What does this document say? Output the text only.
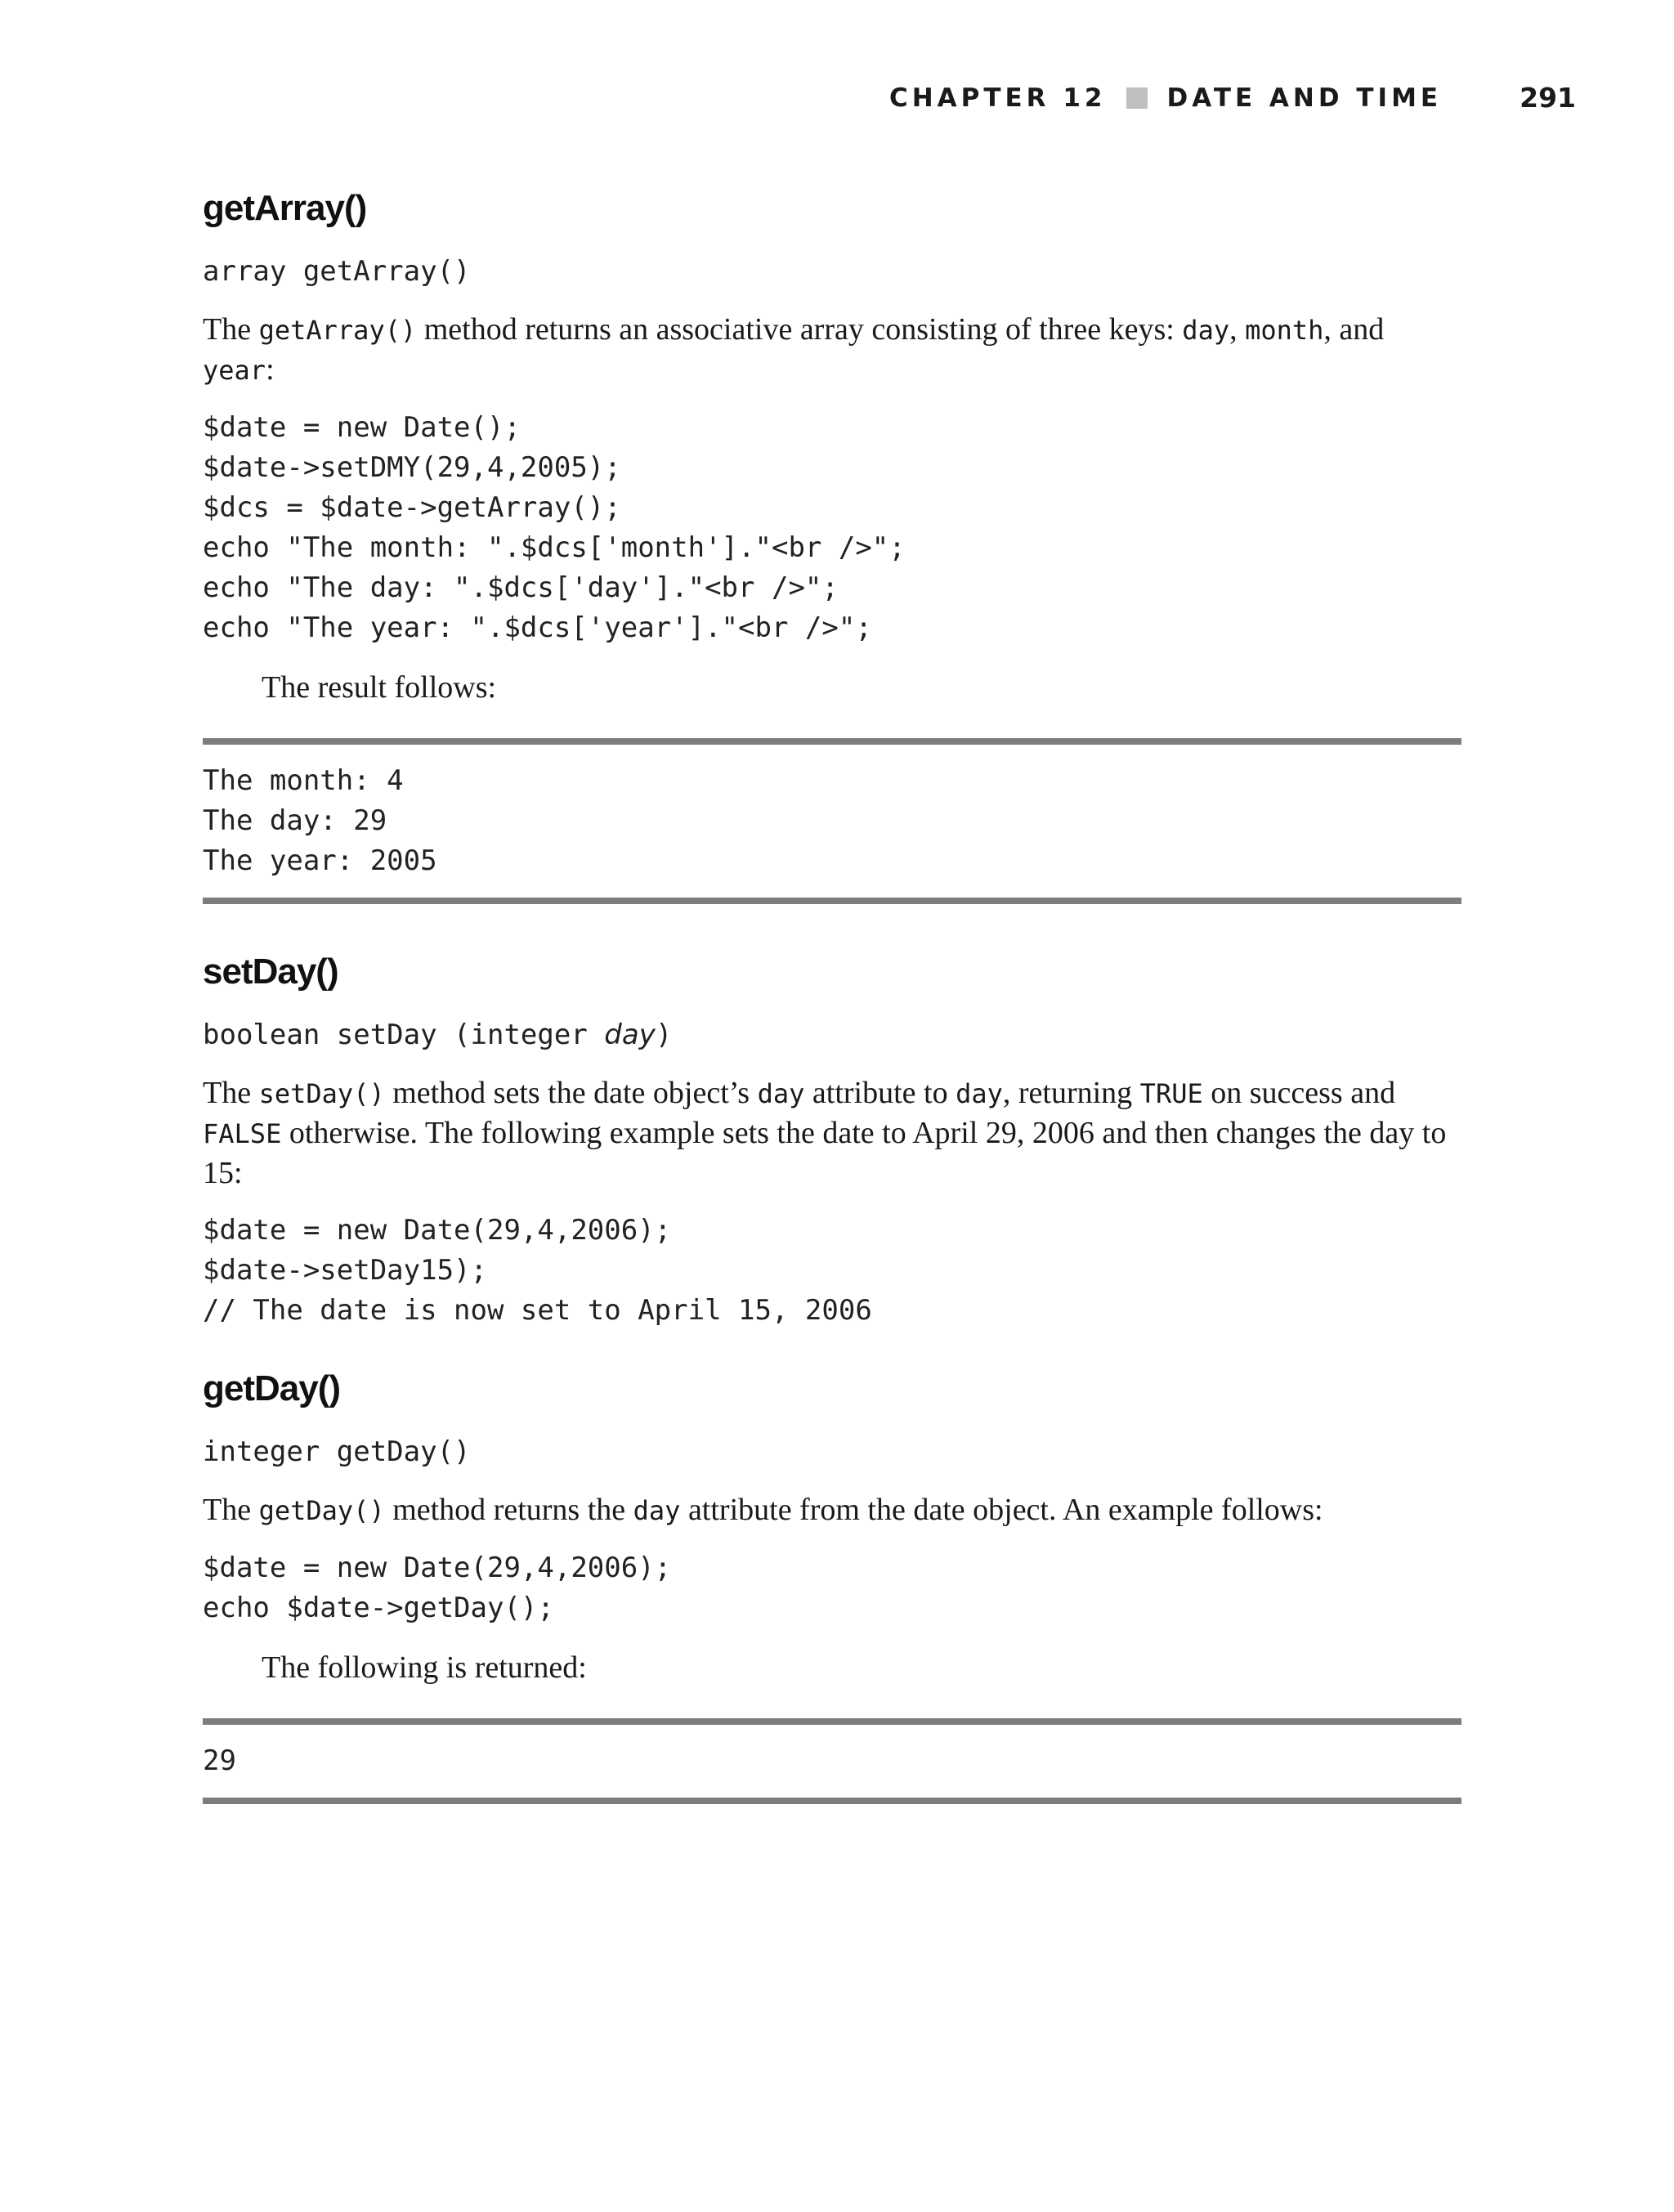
CHAPTER 12 DATE AND TIME	291
getArray()
array getArray()

The getArray() method returns an associative array consisting of three keys: day, month, and year:

$date = new Date();
$date->setDMY(29,4,2005);
$dcs = $date->getArray();
echo "The month: ".$dcs['month']."<br />";
echo "The day: ".$dcs['day']."<br />";
echo "The year: ".$dcs['year']."<br />";

The result follows:

The month: 4
The day: 29
The year: 2005
setDay()
boolean setDay (integer day)

The setDay() method sets the date object’s day attribute to day, returning TRUE on success and FALSE otherwise. The following example sets the date to April 29, 2006 and then changes the day to 15:

$date = new Date(29,4,2006);
$date->setDay15);
// The date is now set to April 15, 2006
getDay()
integer getDay()

The getDay() method returns the day attribute from the date object. An example follows:

$date = new Date(29,4,2006);
echo $date->getDay();

The following is returned:

29
